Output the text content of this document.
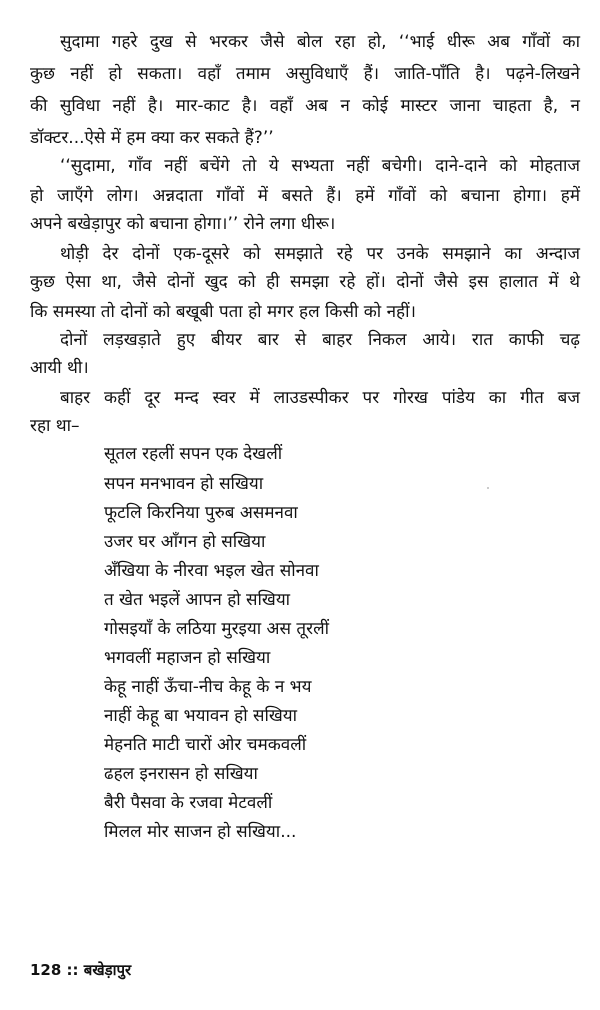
सुदामा गहरे दुख से भरकर जैसे बोल रहा हो, ‘‘भाई धीरू अब गाँवों का
कुछ नहीं हो सकता। वहाँ तमाम असुविधाएँ हैं। जाति-पाँति है। पढ़ने-लिखने
की सुविधा नहीं है। मार-काट है। वहाँ अब न कोई मास्टर जाना चाहता है, न
डॉक्टर...ऐसे में हम क्या कर सकते हैं?’’
‘‘सुदामा, गाँव नहीं बचेंगे तो ये सभ्यता नहीं बचेगी। दाने-दाने को मोहताज
हो जाएँगे लोग। अन्नदाता गाँवों में बसते हैं। हमें गाँवों को बचाना होगा। हमें
अपने बखेड़ापुर को बचाना होगा।’’ रोने लगा धीरू।
थोड़ी देर दोनों एक-दूसरे को समझाते रहे पर उनके समझाने का अन्दाज
कुछ ऐसा था, जैसे दोनों खुद को ही समझा रहे हों। दोनों जैसे इस हालात में थे
कि समस्या तो दोनों को बखूबी पता हो मगर हल किसी को नहीं।
दोनों लड़खड़ाते हुए बीयर बार से बाहर निकल आये। रात काफी चढ़
आयी थी।
बाहर कहीं दूर मन्द स्वर में लाउडस्पीकर पर गोरख पांडेय का गीत बज
रहा था–
सूतल रहलीं सपन एक देखलीं
सपन मनभावन हो सखिया
फूटलि किरनिया पुरुब असमनवा
उजर घर आँगन हो सखिया
अँखिया के नीरवा भइल खेत सोनवा
त खेत भइलें आपन हो सखिया
गोसइयाँ के लठिया मुरइया अस तूरलीं
भगवलीं महाजन हो सखिया
केहू नाहीं ऊँचा-नीच केहू के न भय
नाहीं केहू बा भयावन हो सखिया
मेहनति माटी चारों ओर चमकवलीं
ढहल इनरासन हो सखिया
बैरी पैसवा के रजवा मेटवलीं
मिलल मोर साजन हो सखिया...
128 :: बखेड़ापुर
